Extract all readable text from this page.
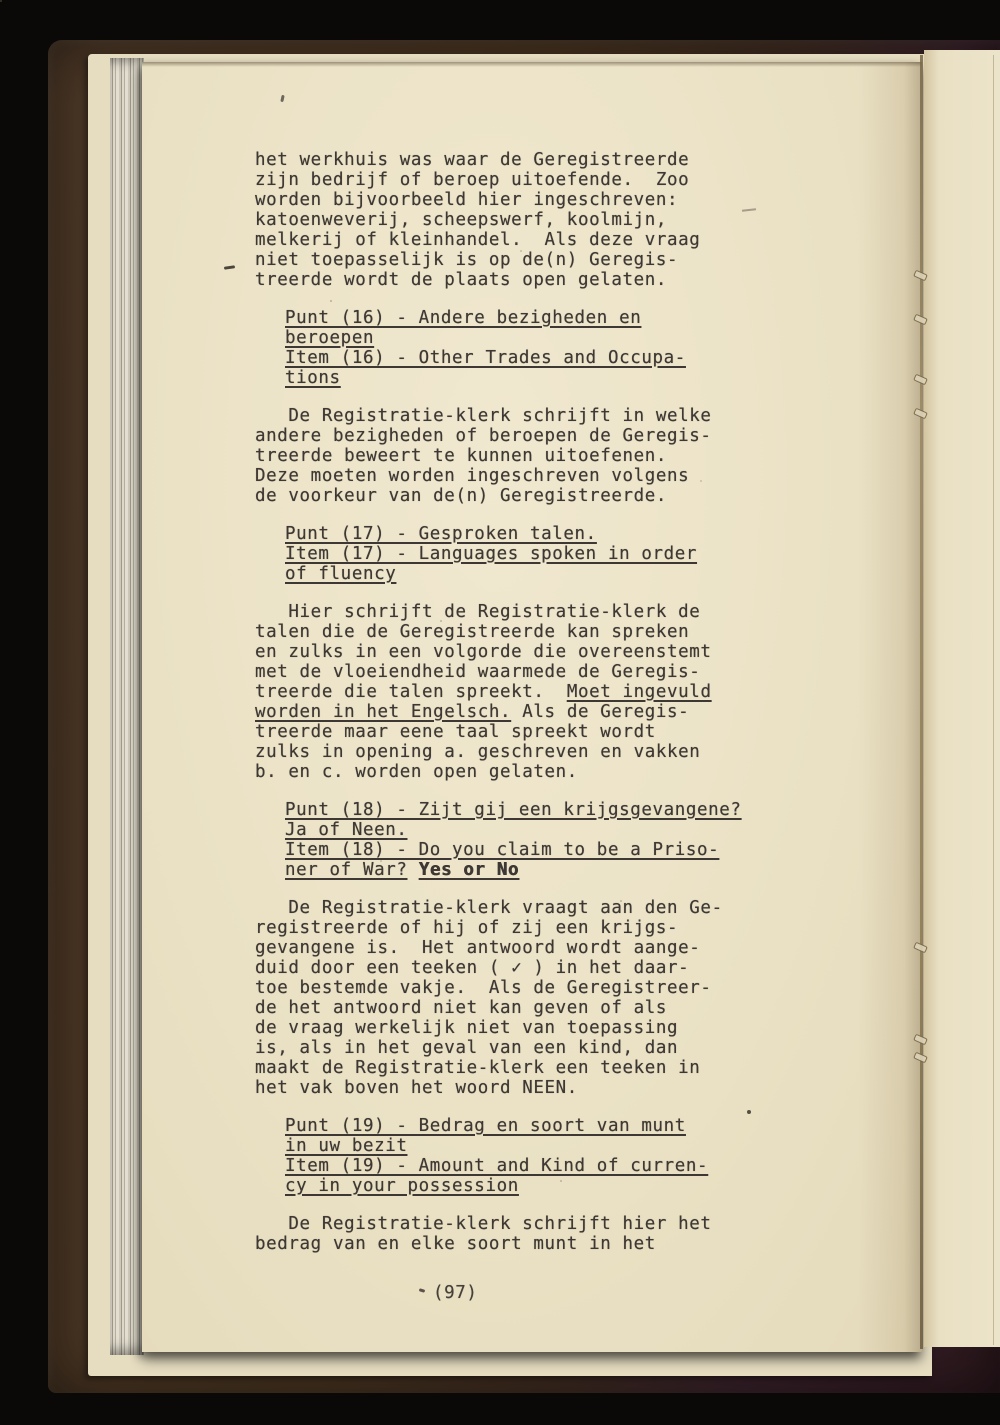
het werkhuis was waar de Geregistreerde
zijn bedrijf of beroep uitoefende.  Zoo
worden bijvoorbeeld hier ingeschreven:
katoenweverij, scheepswerf, koolmijn,
melkerij of kleinhandel.  Als deze vraag
niet toepasselijk is op de(n) Geregis-
treerde wordt de plaats open gelaten.
Punt (16) - Andere bezigheden en
beroepen
Item (16) - Other Trades and Occupa-
tions
De Registratie-klerk schrijft in welke
andere bezigheden of beroepen de Geregis-
treerde beweert te kunnen uitoefenen.
Deze moeten worden ingeschreven volgens
de voorkeur van de(n) Geregistreerde.
Punt (17) - Gesproken talen.
Item (17) - Languages spoken in order
of fluency
Hier schrijft de Registratie-klerk de
talen die de Geregistreerde kan spreken
en zulks in een volgorde die overeenstemt
met de vloeiendheid waarmede de Geregis-
treerde die talen spreekt.  Moet ingevuld
worden in het Engelsch. Als de Geregis-
treerde maar eene taal spreekt wordt
zulks in opening a. geschreven en vakken
b. en c. worden open gelaten.
Punt (18) - Zijt gij een krijgsgevangene?
Ja of Neen.
Item (18) - Do you claim to be a Priso-
ner of War? Yes or No
De Registratie-klerk vraagt aan den Ge-
registreerde of hij of zij een krijgs-
gevangene is.  Het antwoord wordt aange-
duid door een teeken ( ✓ ) in het daar-
toe bestemde vakje.  Als de Geregistreer-
de het antwoord niet kan geven of als
de vraag werkelijk niet van toepassing
is, als in het geval van een kind, dan
maakt de Registratie-klerk een teeken in
het vak boven het woord NEEN.
Punt (19) - Bedrag en soort van munt
in uw bezit
Item (19) - Amount and Kind of curren-
cy in your possession
De Registratie-klerk schrijft hier het
bedrag van en elke soort munt in het
(97)
